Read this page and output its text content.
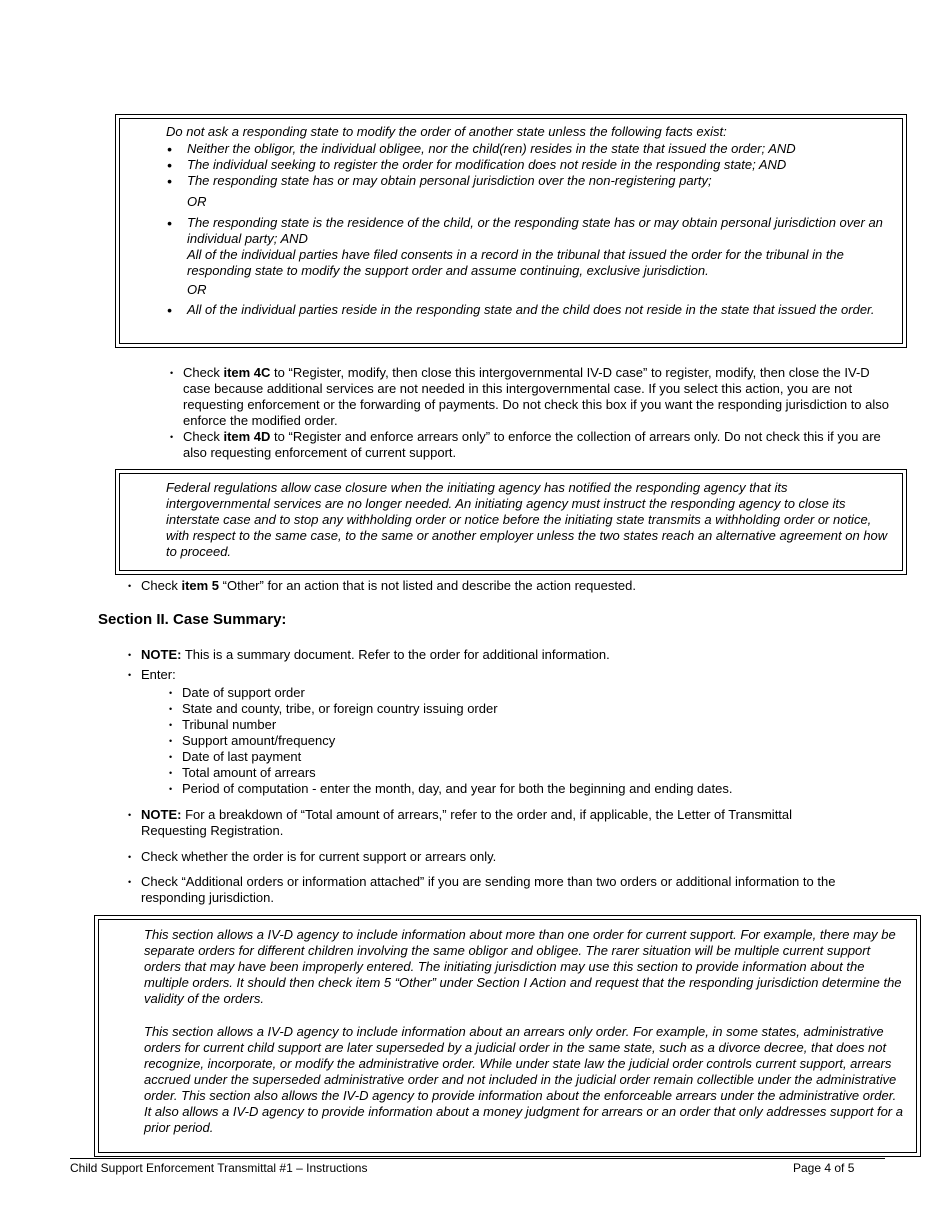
Do not ask a responding state to modify the order of another state unless the following facts exist:
• Neither the obligor, the individual obligee, nor the child(ren) resides in the state that issued the order; AND
• The individual seeking to register the order for modification does not reside in the responding state; AND
• The responding state has or may obtain personal jurisdiction over the non-registering party;
OR
• The responding state is the residence of the child, or the responding state has or may obtain personal jurisdiction over an individual party; AND
All of the individual parties have filed consents in a record in the tribunal that issued the order for the tribunal in the responding state to modify the support order and assume continuing, exclusive jurisdiction.
OR
• All of the individual parties reside in the responding state and the child does not reside in the state that issued the order.
• Check item 4C to “Register, modify, then close this intergovernmental IV-D case” to register, modify, then close the IV-D case because additional services are not needed in this intergovernmental case. If you select this action, you are not requesting enforcement or the forwarding of payments. Do not check this box if you want the responding jurisdiction to also enforce the modified order.
• Check item 4D to “Register and enforce arrears only” to enforce the collection of arrears only. Do not check this if you are also requesting enforcement of current support.
Federal regulations allow case closure when the initiating agency has notified the responding agency that its intergovernmental services are no longer needed. An initiating agency must instruct the responding agency to close its interstate case and to stop any withholding order or notice before the initiating state transmits a withholding order or notice, with respect to the same case, to the same or another employer unless the two states reach an alternative agreement on how to proceed.
• Check item 5 “Other” for an action that is not listed and describe the action requested.
Section II. Case Summary:
• NOTE: This is a summary document. Refer to the order for additional information.
• Enter:
• Date of support order
• State and county, tribe, or foreign country issuing order
• Tribunal number
• Support amount/frequency
• Date of last payment
• Total amount of arrears
• Period of computation - enter the month, day, and year for both the beginning and ending dates.
• NOTE: For a breakdown of “Total amount of arrears,” refer to the order and, if applicable, the Letter of Transmittal Requesting Registration.
• Check whether the order is for current support or arrears only.
• Check “Additional orders or information attached” if you are sending more than two orders or additional information to the responding jurisdiction.
This section allows a IV-D agency to include information about more than one order for current support. For example, there may be separate orders for different children involving the same obligor and obligee. The rarer situation will be multiple current support orders that may have been improperly entered. The initiating jurisdiction may use this section to provide information about the multiple orders. It should then check item 5 “Other” under Section I Action and request that the responding jurisdiction determine the validity of the orders.
This section allows a IV-D agency to include information about an arrears only order. For example, in some states, administrative orders for current child support are later superseded by a judicial order in the same state, such as a divorce decree, that does not recognize, incorporate, or modify the administrative order. While under state law the judicial order controls current support, arrears accrued under the superseded administrative order and not included in the judicial order remain collectible under the administrative order. This section also allows the IV-D agency to provide information about the enforceable arrears under the administrative order. It also allows a IV-D agency to provide information about a money judgment for arrears or an order that only addresses support for a prior period.
Child Support Enforcement Transmittal #1 – Instructions	Page 4 of 5
